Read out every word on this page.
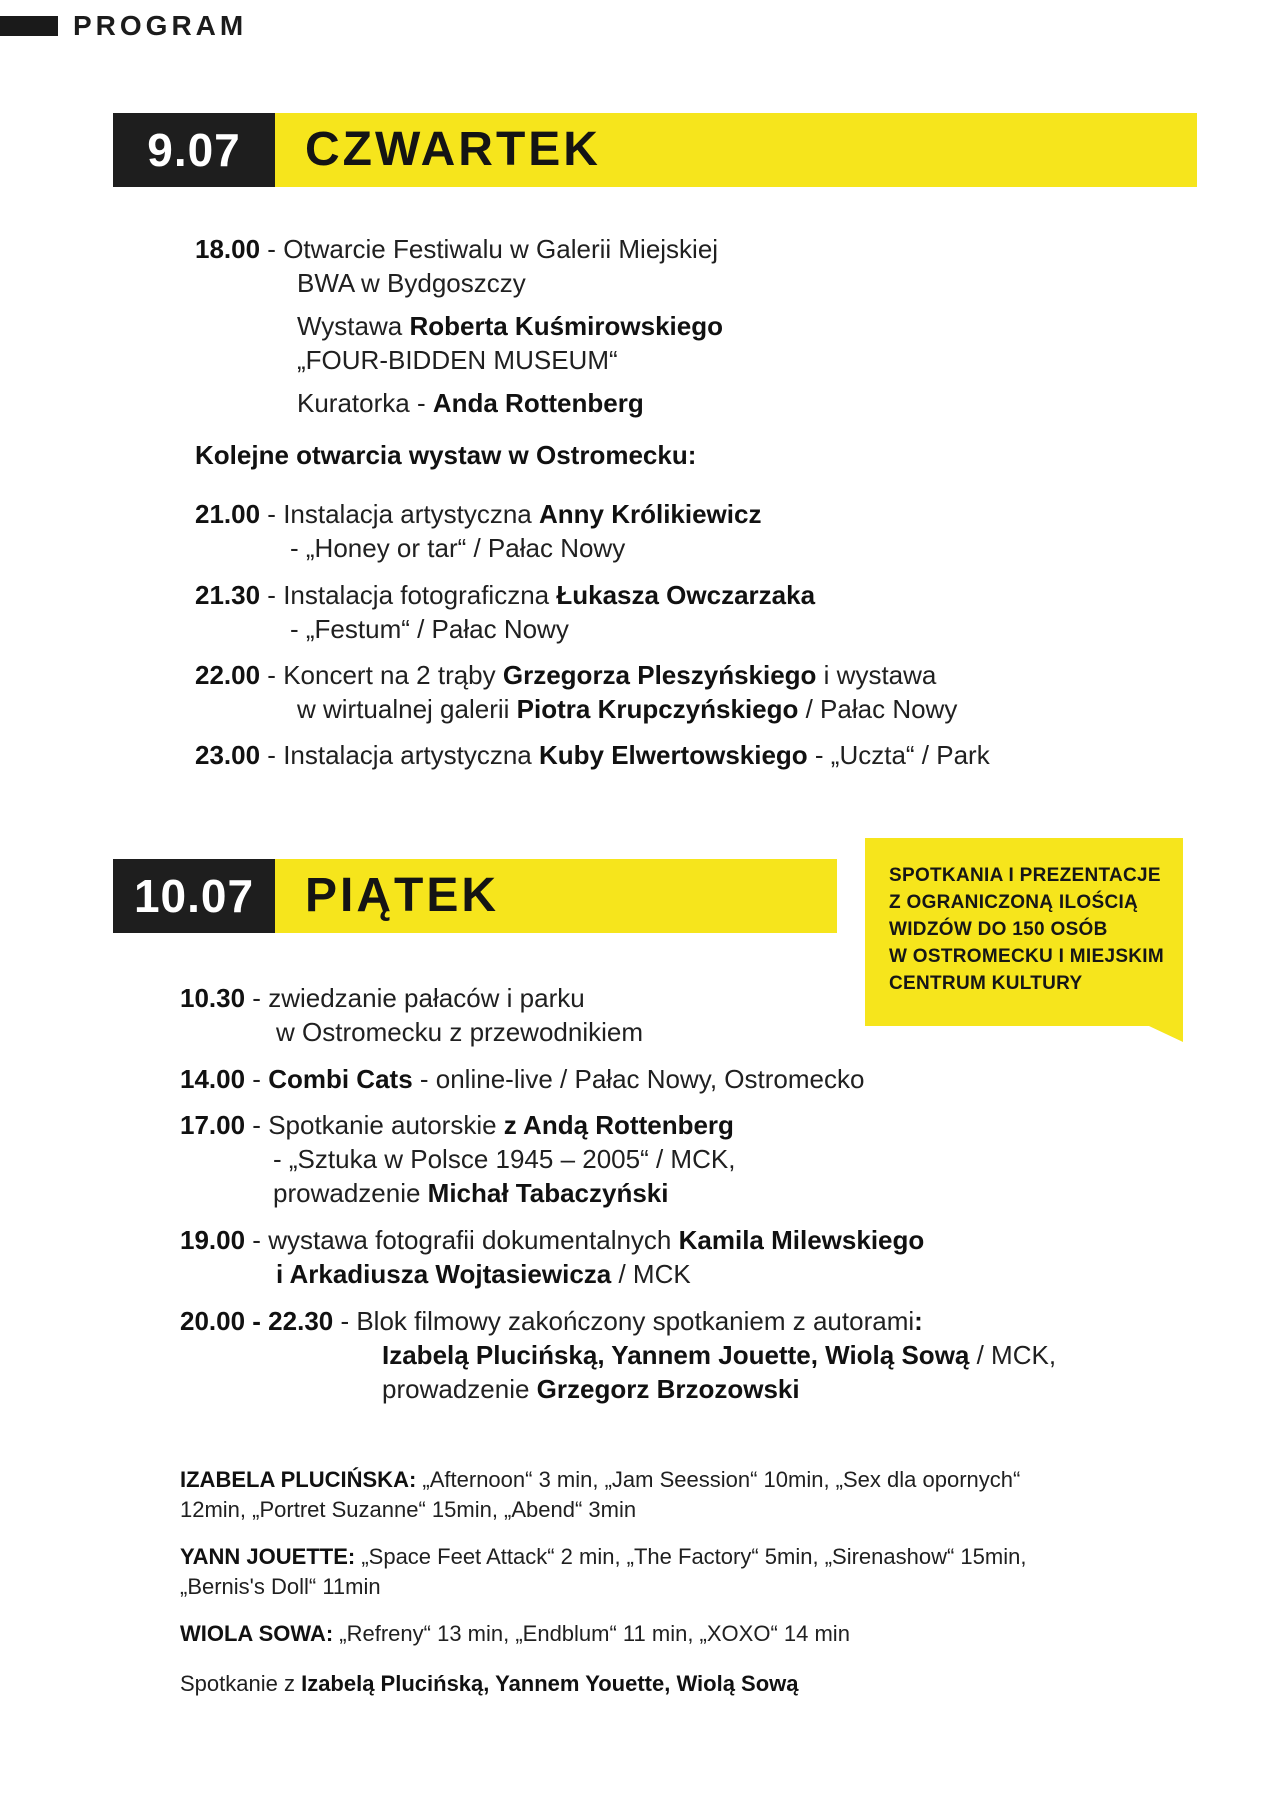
PROGRAM
9.07	CZWARTEK
18.00 - Otwarcie Festiwalu w Galerii Miejskiej
BWA w Bydgoszczy
Wystawa Roberta Kuśmirowskiego
„FOUR-BIDDEN MUSEUM“
Kuratorka - Anda Rottenberg
Kolejne otwarcia wystaw w Ostromecku:
21.00 - Instalacja artystyczna Anny Królikiewicz
- „Honey or tar“ / Pałac Nowy
21.30 - Instalacja fotograficzna Łukasza Owczarzaka
- „Festum“ / Pałac Nowy
22.00 - Koncert na 2 trąby Grzegorza Pleszyńskiego i wystawa
w wirtualnej galerii Piotra Krupczyńskiego / Pałac Nowy
23.00 - Instalacja artystyczna Kuby Elwertowskiego - „Uczta“ / Park
SPOTKANIA I PREZENTACJE
Z OGRANICZONĄ ILOŚCIĄ
WIDZÓW DO 150 OSÓB
W OSTROMECKU I MIEJSKIM
CENTRUM KULTURY
10.07	PIĄTEK
10.30 - zwiedzanie pałaców i parku
w Ostromecku z przewodnikiem
14.00 - Combi Cats - online-live / Pałac Nowy, Ostromecko
17.00 - Spotkanie autorskie z Andą Rottenberg
- „Sztuka w Polsce 1945 – 2005“ / MCK,
prowadzenie Michał Tabaczyński
19.00 - wystawa fotografii dokumentalnych Kamila Milewskiego
i Arkadiusza Wojtasiewicza / MCK
20.00 - 22.30 - Blok filmowy zakończony spotkaniem z autorami:
Izabelą Plucińską, Yannem Jouette, Wiolą Sową / MCK,
prowadzenie Grzegorz Brzozowski
IZABELA PLUCIŃSKA: „Afternoon“ 3 min, „Jam Seession“ 10min, „Sex dla opornych“
12min, „Portret Suzanne“ 15min, „Abend“ 3min
YANN JOUETTE: „Space Feet Attack“ 2 min, „The Factory“ 5min, „Sirenashow“ 15min,
„Bernis's Doll“ 11min
WIOLA SOWA: „Refreny“ 13 min, „Endblum“ 11 min, „XOXO“ 14 min
Spotkanie z Izabelą Plucińską, Yannem Youette, Wiolą Sową
